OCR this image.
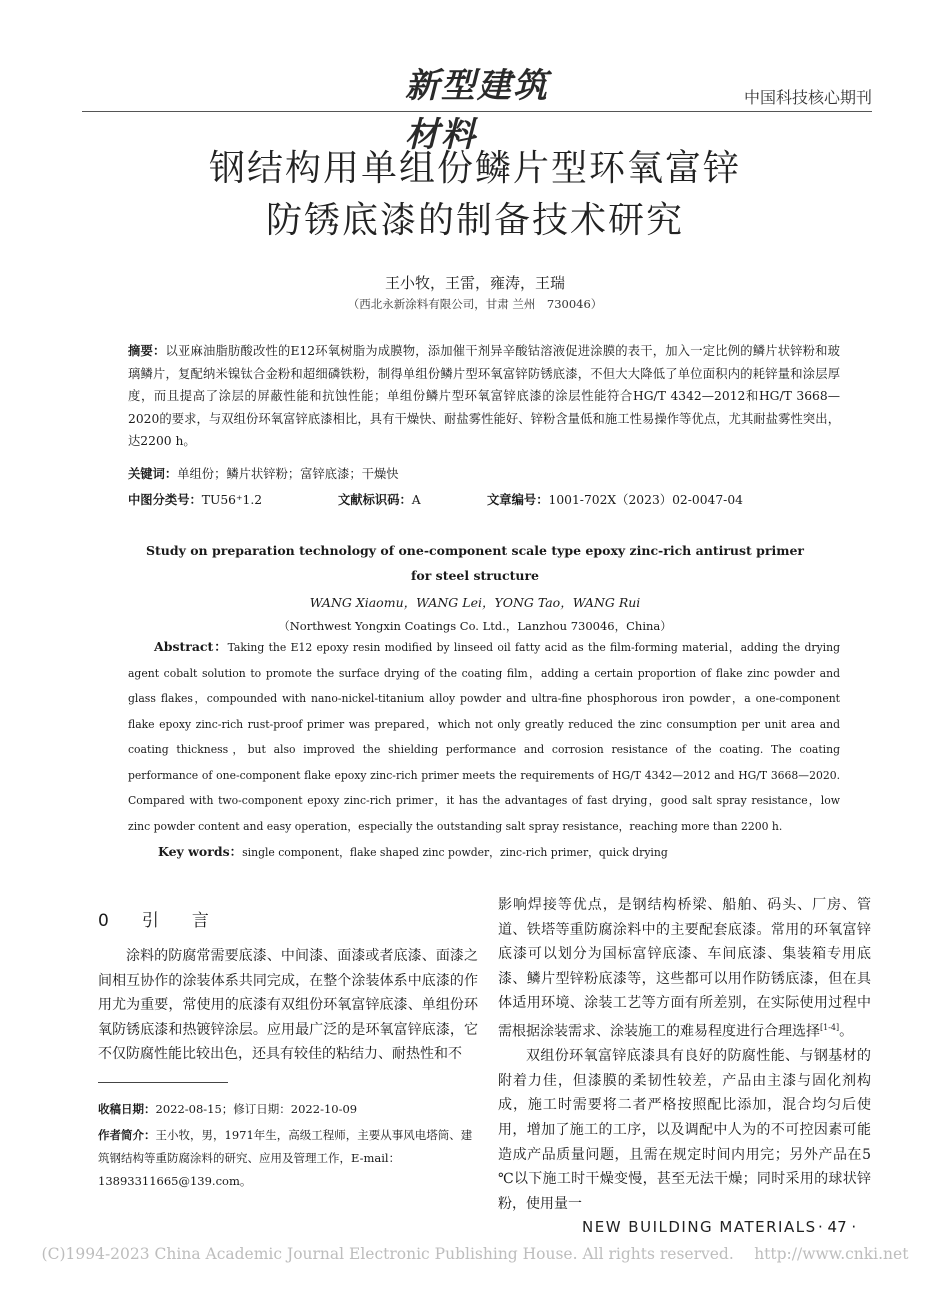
新型建筑材料
中国科技核心期刊
钢结构用单组份鳞片型环氧富锌
防锈底漆的制备技术研究
王小牧，王雷，雍涛，王瑞
（西北永新涂料有限公司，甘肃 兰州　730046）
摘要：以亚麻油脂肪酸改性的E12环氧树脂为成膜物，添加催干剂异辛酸钴溶液促进涂膜的表干，加入一定比例的鳞片状锌粉和玻璃鳞片，复配纳米镍钛合金粉和超细磷铁粉，制得单组份鳞片型环氧富锌防锈底漆，不但大大降低了单位面积内的耗锌量和涂层厚度，而且提高了涂层的屏蔽性能和抗蚀性能；单组份鳞片型环氧富锌底漆的涂层性能符合HG/T 4342—2012和HG/T 3668—2020的要求，与双组份环氧富锌底漆相比，具有干燥快、耐盐雾性能好、锌粉含量低和施工性易操作等优点，尤其耐盐雾性突出，达2200 h。
关键词：单组份；鳞片状锌粉；富锌底漆；干燥快
中图分类号：TU56⁺1.2	文献标识码：A	文章编号：1001-702X（2023）02-0047-04
Study on preparation technology of one-component scale type epoxy zinc-rich antirust primer
for steel structure
WANG Xiaomu，WANG Lei，YONG Tao，WANG Rui
（Northwest Yongxin Coatings Co. Ltd.，Lanzhou 730046，China）
Abstract：Taking the E12 epoxy resin modified by linseed oil fatty acid as the film-forming material，adding the drying agent cobalt solution to promote the surface drying of the coating film，adding a certain proportion of flake zinc powder and glass flakes，compounded with nano-nickel-titanium alloy powder and ultra-fine phosphorous iron powder，a one-component flake epoxy zinc-rich rust-proof primer was prepared，which not only greatly reduced the zinc consumption per unit area and coating thickness，but also improved the shielding performance and corrosion resistance of the coating. The coating performance of one-component flake epoxy zinc-rich primer meets the requirements of HG/T 4342—2012 and HG/T 3668—2020. Compared with two-component epoxy zinc-rich primer，it has the advantages of fast drying，good salt spray resistance，low zinc powder content and easy operation，especially the outstanding salt spray resistance，reaching more than 2200 h.
Key words：single component，flake shaped zinc powder，zinc-rich primer，quick drying
0　引　言

涂料的防腐常需要底漆、中间漆、面漆或者底漆、面漆之间相互协作的涂装体系共同完成，在整个涂装体系中底漆的作用尤为重要，常使用的底漆有双组份环氧富锌底漆、单组份环氧防锈底漆和热镀锌涂层。应用最广泛的是环氧富锌底漆，它不仅防腐性能比较出色，还具有较佳的粘结力、耐热性和不

影响焊接等优点，是钢结构桥梁、船舶、码头、厂房、管道、铁塔等重防腐涂料中的主要配套底漆。常用的环氧富锌底漆可以划分为国标富锌底漆、车间底漆、集装箱专用底漆、鳞片型锌粉底漆等，这些都可以用作防锈底漆，但在具体适用环境、涂装工艺等方面有所差别，在实际使用过程中需根据涂装需求、涂装施工的难易程度进行合理选择[1-4]。

双组份环氧富锌底漆具有良好的防腐性能、与钢基材的附着力佳，但漆膜的柔韧性较差，产品由主漆与固化剂构成，施工时需要将二者严格按照配比添加，混合均匀后使用，增加了施工的工序，以及调配中人为的不可控因素可能造成产品质量问题，且需在规定时间内用完；另外产品在5 ℃以下施工时干燥变慢，甚至无法干燥；同时采用的球状锌粉，使用量一

收稿日期：2022-08-15；修订日期：2022-10-09
作者简介：王小牧，男，1971年生，高级工程师，主要从事风电塔筒、建筑钢结构等重防腐涂料的研究、应用及管理工作，E-mail：13893311665@139.com。
NEW BUILDING MATERIALS · 47 ·
(C)1994-2023 China Academic Journal Electronic Publishing House. All rights reserved.　 http://www.cnki.net
